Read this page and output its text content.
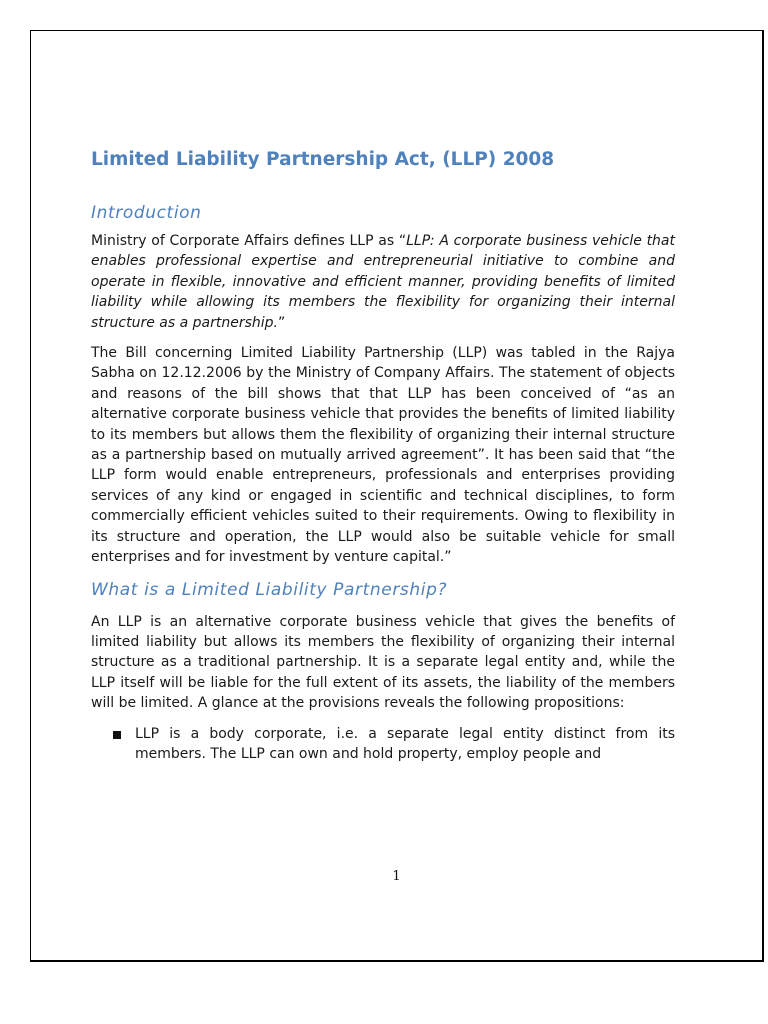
Limited Liability Partnership Act, (LLP) 2008
Introduction

Ministry of Corporate Affairs defines LLP as “LLP: A corporate business vehicle that enables professional expertise and entrepreneurial initiative to combine and operate in flexible, innovative and efficient manner, providing benefits of limited liability while allowing its members the flexibility for organizing their internal structure as a partnership.”

The Bill concerning Limited Liability Partnership (LLP) was tabled in the Rajya Sabha on 12.12.2006 by the Ministry of Company Affairs. The statement of objects and reasons of the bill shows that that LLP has been conceived of “as an alternative corporate business vehicle that provides the benefits of limited liability to its members but allows them the flexibility of organizing their internal structure as a partnership based on mutually arrived agreement”. It has been said that “the LLP form would enable entrepreneurs, professionals and enterprises providing services of any kind or engaged in scientific and technical disciplines, to form commercially efficient vehicles suited to their requirements. Owing to flexibility in its structure and operation, the LLP would also be suitable vehicle for small enterprises and for investment by venture capital.”

What is a Limited Liability Partnership?

An LLP is an alternative corporate business vehicle that gives the benefits of limited liability but allows its members the flexibility of organizing their internal structure as a traditional partnership. It is a separate legal entity and, while the LLP itself will be liable for the full extent of its assets, the liability of the members will be limited. A glance at the provisions reveals the following propositions:

LLP is a body corporate, i.e. a separate legal entity distinct from its members. The LLP can own and hold property, employ people and
1
